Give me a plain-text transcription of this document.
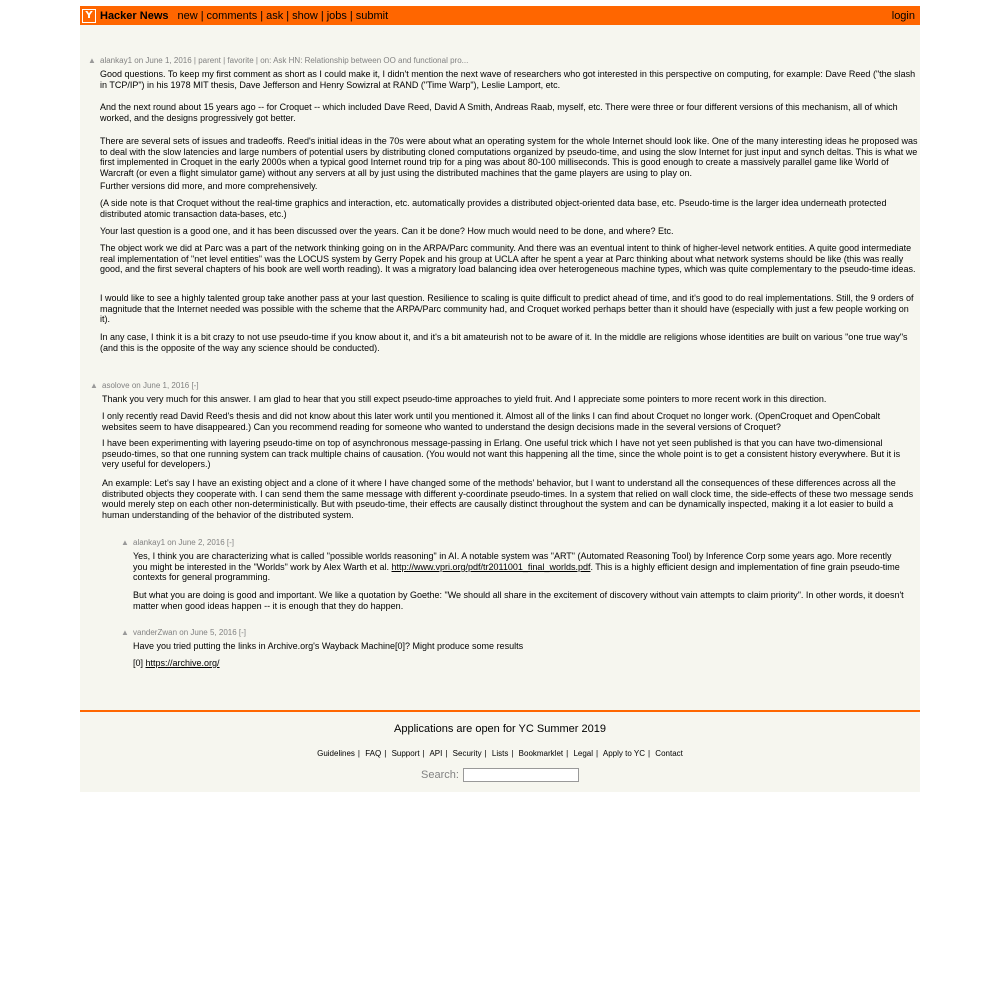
Y Hacker News new | comments | ask | show | jobs | submit	login
▲ alankay1 on June 1, 2016 | parent | favorite | on: Ask HN: Relationship between OO and functional pro...

Good questions. To keep my first comment as short as I could make it, I didn't mention the next wave of researchers who got interested in this perspective on computing, for example: Dave Reed ("the slash in TCP/IP") in his 1978 MIT thesis, Dave Jefferson and Henry Sowizral at RAND ("Time Warp"), Leslie Lamport, etc.

And the next round about 15 years ago -- for Croquet -- which included Dave Reed, David A Smith, Andreas Raab, myself, etc. There were three or four different versions of this mechanism, all of which worked, and the designs progressively got better.

There are several sets of issues and tradeoffs. Reed's initial ideas in the 70s were about what an operating system for the whole Internet should look like. One of the many interesting ideas he proposed was to deal with the slow latencies and large numbers of potential users by distributing cloned computations organized by pseudo-time, and using the slow Internet for just input and synch deltas. This is what we first implemented in Croquet in the early 2000s when a typical good Internet round trip for a ping was about 80-100 milliseconds. This is good enough to create a massively parallel game like World of Warcraft (or even a flight simulator game) without any servers at all by just using the distributed machines that the game players are using to play on.

Further versions did more, and more comprehensively.

(A side note is that Croquet without the real-time graphics and interaction, etc. automatically provides a distributed object-oriented data base, etc. Pseudo-time is the larger idea underneath protected distributed atomic transaction data-bases, etc.)

Your last question is a good one, and it has been discussed over the years. Can it be done? How much would need to be done, and where? Etc.

The object work we did at Parc was a part of the network thinking going on in the ARPA/Parc community. And there was an eventual intent to think of higher-level network entities. A quite good intermediate real implementation of "net level entities" was the LOCUS system by Gerry Popek and his group at UCLA after he spent a year at Parc thinking about what network systems should be like (this was really good, and the first several chapters of his book are well worth reading). It was a migratory load balancing idea over heterogeneous machine types, which was quite complementary to the pseudo-time ideas.

I would like to see a highly talented group take another pass at your last question. Resilience to scaling is quite difficult to predict ahead of time, and it's good to do real implementations. Still, the 9 orders of magnitude that the Internet needed was possible with the scheme that the ARPA/Parc community had, and Croquet worked perhaps better than it should have (especially with just a few people working on it).

In any case, I think it is a bit crazy to not use pseudo-time if you know about it, and it's a bit amateurish not to be aware of it. In the middle are religions whose identities are built on various "one true way"s (and this is the opposite of the way any science should be conducted).

▲ asolove on June 1, 2016 [-]

Thank you very much for this answer. I am glad to hear that you still expect pseudo-time approaches to yield fruit. And I appreciate some pointers to more recent work in this direction.

I only recently read David Reed's thesis and did not know about this later work until you mentioned it. Almost all of the links I can find about Croquet no longer work. (OpenCroquet and OpenCobalt websites seem to have disappeared.) Can you recommend reading for someone who wanted to understand the design decisions made in the several versions of Croquet?

I have been experimenting with layering pseudo-time on top of asynchronous message-passing in Erlang. One useful trick which I have not yet seen published is that you can have two-dimensional pseudo-times, so that one running system can track multiple chains of causation. (You would not want this happening all the time, since the whole point is to get a consistent history everywhere. But it is very useful for developers.)

An example: Let's say I have an existing object and a clone of it where I have changed some of the methods' behavior, but I want to understand all the consequences of these differences across all the distributed objects they cooperate with. I can send them the same message with different y-coordinate pseudo-times. In a system that relied on wall clock time, the side-effects of these two message sends would merely step on each other non-deterministically. But with pseudo-time, their effects are causally distinct throughout the system and can be dynamically inspected, making it a lot easier to build a human understanding of the behavior of the distributed system.

▲ alankay1 on June 2, 2016 [-]

Yes, I think you are characterizing what is called "possible worlds reasoning" in AI. A notable system was "ART" (Automated Reasoning Tool) by Inference Corp some years ago. More recently you might be interested in the "Worlds" work by Alex Warth et al. http://www.vpri.org/pdf/tr2011001_final_worlds.pdf. This is a highly efficient design and implementation of fine grain pseudo-time contexts for general programming.

But what you are doing is good and important. We like a quotation by Goethe: "We should all share in the excitement of discovery without vain attempts to claim priority". In other words, it doesn't matter when good ideas happen -- it is enough that they do happen.

▲ vanderZwan on June 5, 2016 [-]

Have you tried putting the links in Archive.org's Wayback Machine[0]? Might produce some results

[0] https://archive.org/

Applications are open for YC Summer 2019
Guidelines | FAQ | Support | API | Security | Lists | Bookmarklet | Legal | Apply to YC | Contact
Search:
